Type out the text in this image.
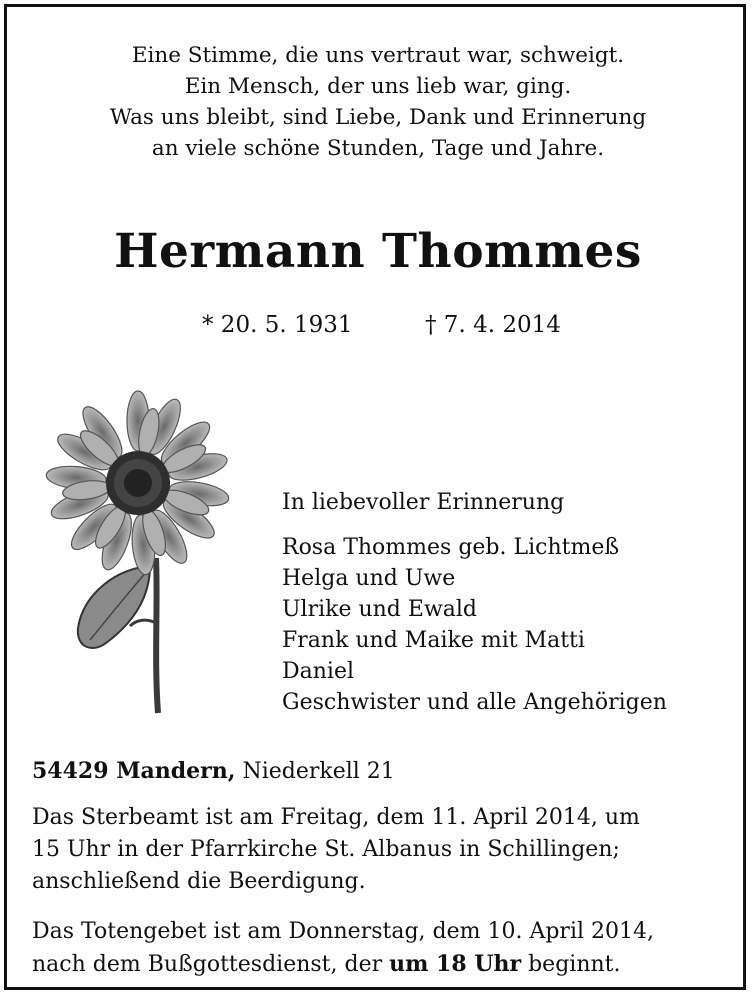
Eine Stimme, die uns vertraut war, schweigt.
Ein Mensch, der uns lieb war, ging.
Was uns bleibt, sind Liebe, Dank und Erinnerung
an viele schöne Stunden, Tage und Jahre.
Hermann Thommes
* 20. 5. 1931	† 7. 4. 2014
In liebevoller Erinnerung
Rosa Thommes geb. Lichtmeß
Helga und Uwe
Ulrike und Ewald
Frank und Maike mit Matti
Daniel
Geschwister und alle Angehörigen
54429 Mandern, Niederkell 21
Das Sterbeamt ist am Freitag, dem 11. April 2014, um
15 Uhr in der Pfarrkirche St. Albanus in Schillingen;
anschließend die Beerdigung.
Das Totengebet ist am Donnerstag, dem 10. April 2014,
nach dem Bußgottesdienst, der um 18 Uhr beginnt.
